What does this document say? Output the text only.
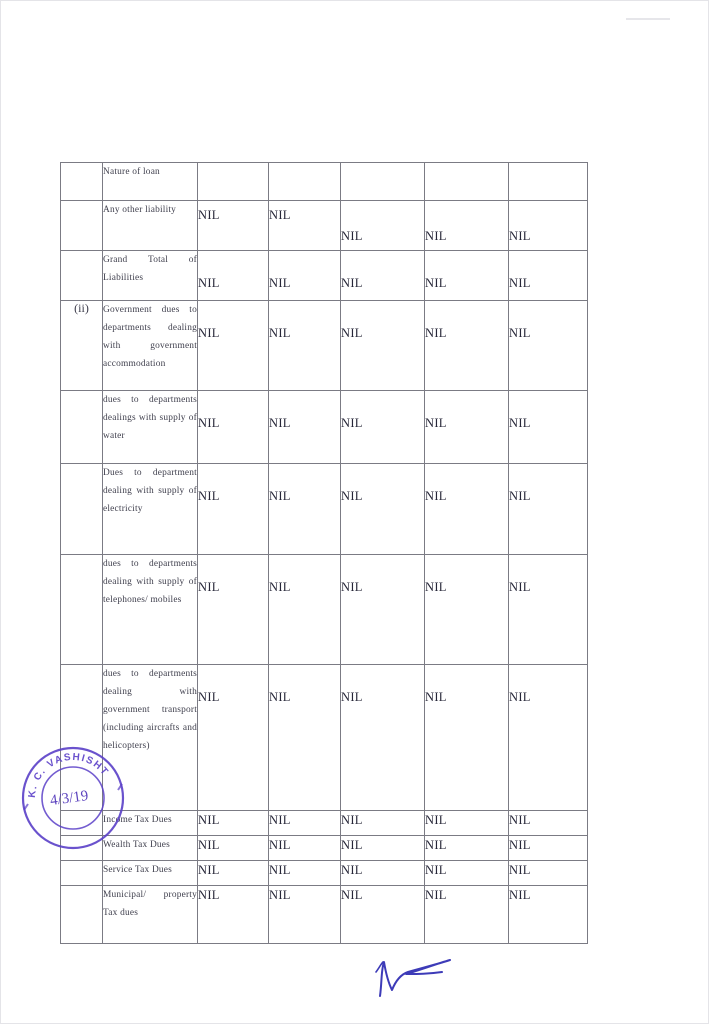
	Nature of loan					

	Any other liability	NIL	NIL	NIL	NIL	NIL

	Grand Total of Liabilities	NIL	NIL	NIL	NIL	NIL

(ii)	Government dues to departments dealing with government accommodation	NIL	NIL	NIL	NIL	NIL

	dues to departments dealings with supply of water	NIL	NIL	NIL	NIL	NIL

	Dues to department dealing with supply of electricity	NIL	NIL	NIL	NIL	NIL

	dues to departments dealing with supply of telephones/ mobiles	NIL	NIL	NIL	NIL	NIL

	dues to departments dealing with government transport (including aircrafts and helicopters)	NIL	NIL	NIL	NIL	NIL

	Income Tax Dues	NIL	NIL	NIL	NIL	NIL

	Wealth Tax Dues	NIL	NIL	NIL	NIL	NIL

	Service Tax Dues	NIL	NIL	NIL	NIL	NIL

	Municipal/ property Tax dues	NIL	NIL	NIL	NIL	NIL
K. C. VASHISHT
4/3/19
